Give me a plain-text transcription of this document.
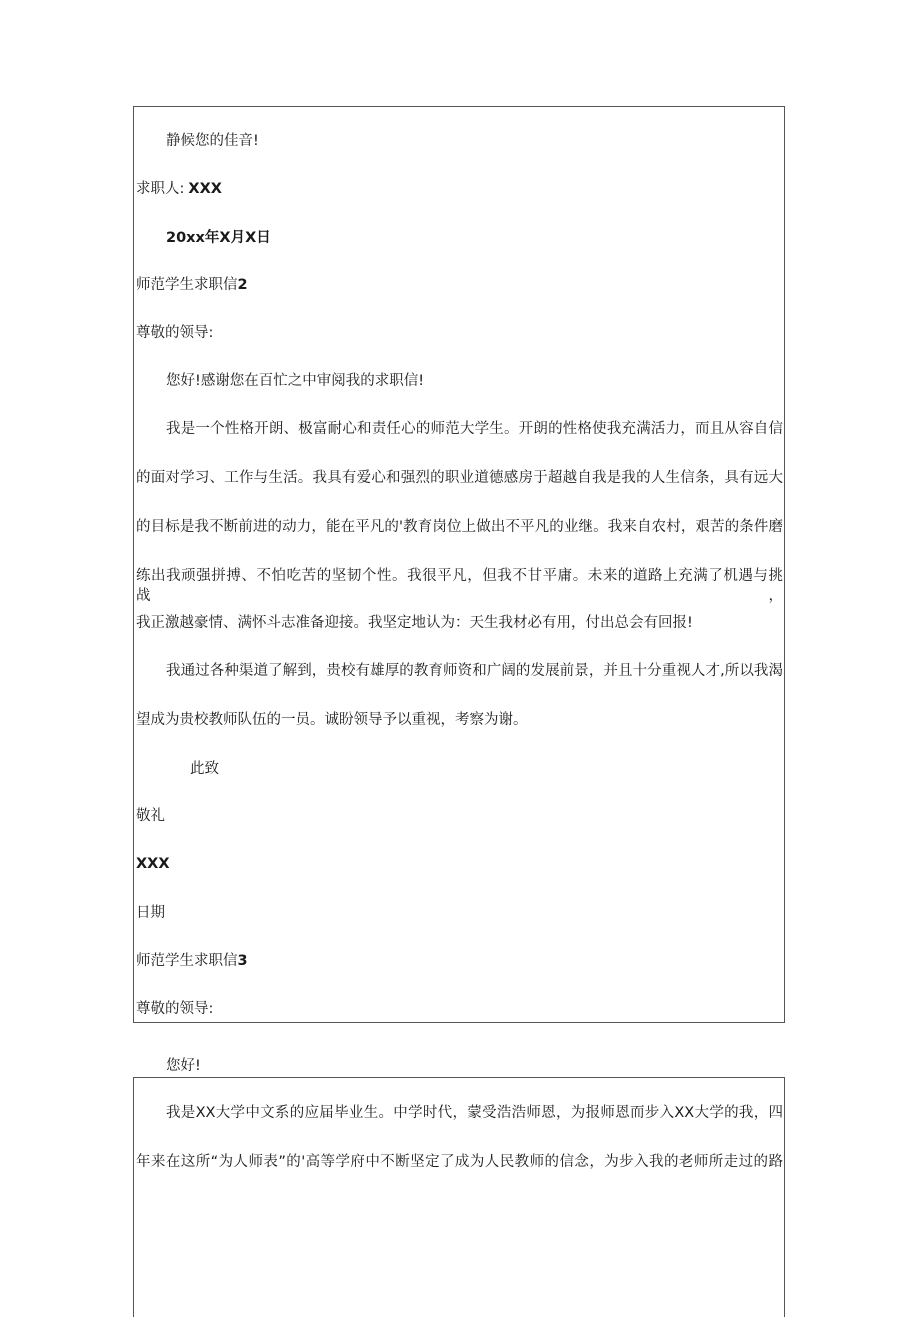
静候您的佳音!
求职人: XXX
20xx年X月X日
师范学生求职信2
尊敬的领导:
您好!感谢您在百忙之中审阅我的求职信!
我是一个性格开朗、极富耐心和责任心的师范大学生。开朗的性格使我充满活力，而且从容自信
的面对学习、工作与生活。我具有爱心和强烈的职业道德感房于超越自我是我的人生信条，具有远大
的目标是我不断前进的动力，能在平凡的'教育岗位上做出不平凡的业继。我来自农村，艰苦的条件磨
练出我顽强拼搏、不怕吃苦的坚韧个性。我很平凡，但我不甘平庸。未来的道路上充满了机遇与挑战，
我正激越豪情、满怀斗志准备迎接。我坚定地认为：天生我材必有用，付出总会有回报!
我通过各种渠道了解到，贵校有雄厚的教育师资和广阔的发展前景，并且十分重视人才,所以我渴
望成为贵校教师队伍的一员。诚盼领导予以重视，考察为谢。
此致
敬礼
XXX
日期
师范学生求职信3
尊敬的领导:
您好!
我是XX大学中文系的应届毕业生。中学时代，蒙受浩浩师恩，为报师恩而步入XX大学的我，四
年来在这所“为人师表”的'高等学府中不断坚定了成为人民教师的信念，为步入我的老师所走过的路
